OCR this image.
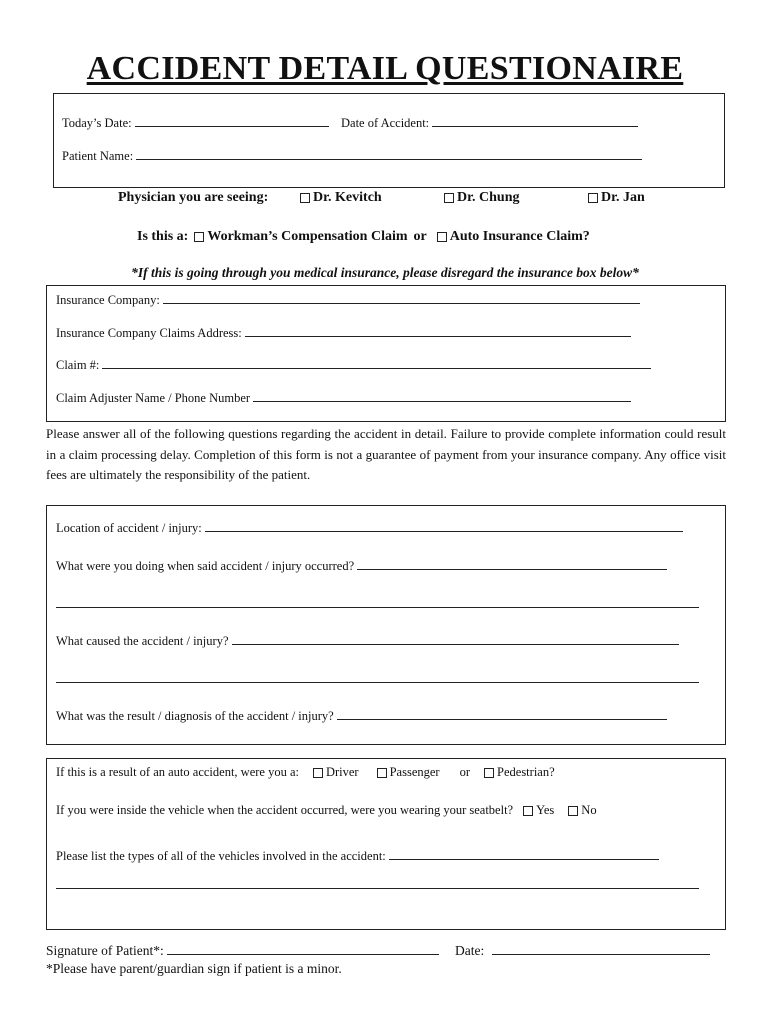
ACCIDENT DETAIL QUESTIONAIRE
Today’s Date:	Date of Accident:
Patient Name:
Physician you are seeing:	Dr. Kevitch	Dr. Chung	Dr. Jan
Is this a: Workman’s Compensation Claim or Auto Insurance Claim?
*If this is going through you medical insurance, please disregard the insurance box below*
Insurance Company:
Insurance Company Claims Address:
Claim #:
Claim Adjuster Name / Phone Number
Please answer all of the following questions regarding the accident in detail. Failure to provide complete information could result in a claim processing delay. Completion of this form is not a guarantee of payment from your insurance company. Any office visit fees are ultimately the responsibility of the patient.
Location of accident / injury:
What were you doing when said accident / injury occurred?
What caused the accident / injury?
What was the result / diagnosis of the accident / injury?
If this is a result of an auto accident, were you a: Driver Passenger or Pedestrian?
If you were inside the vehicle when the accident occurred, were you wearing your seatbelt? Yes No
Please list the types of all of the vehicles involved in the accident:
Signature of Patient*:	Date:
*Please have parent/guardian sign if patient is a minor.
